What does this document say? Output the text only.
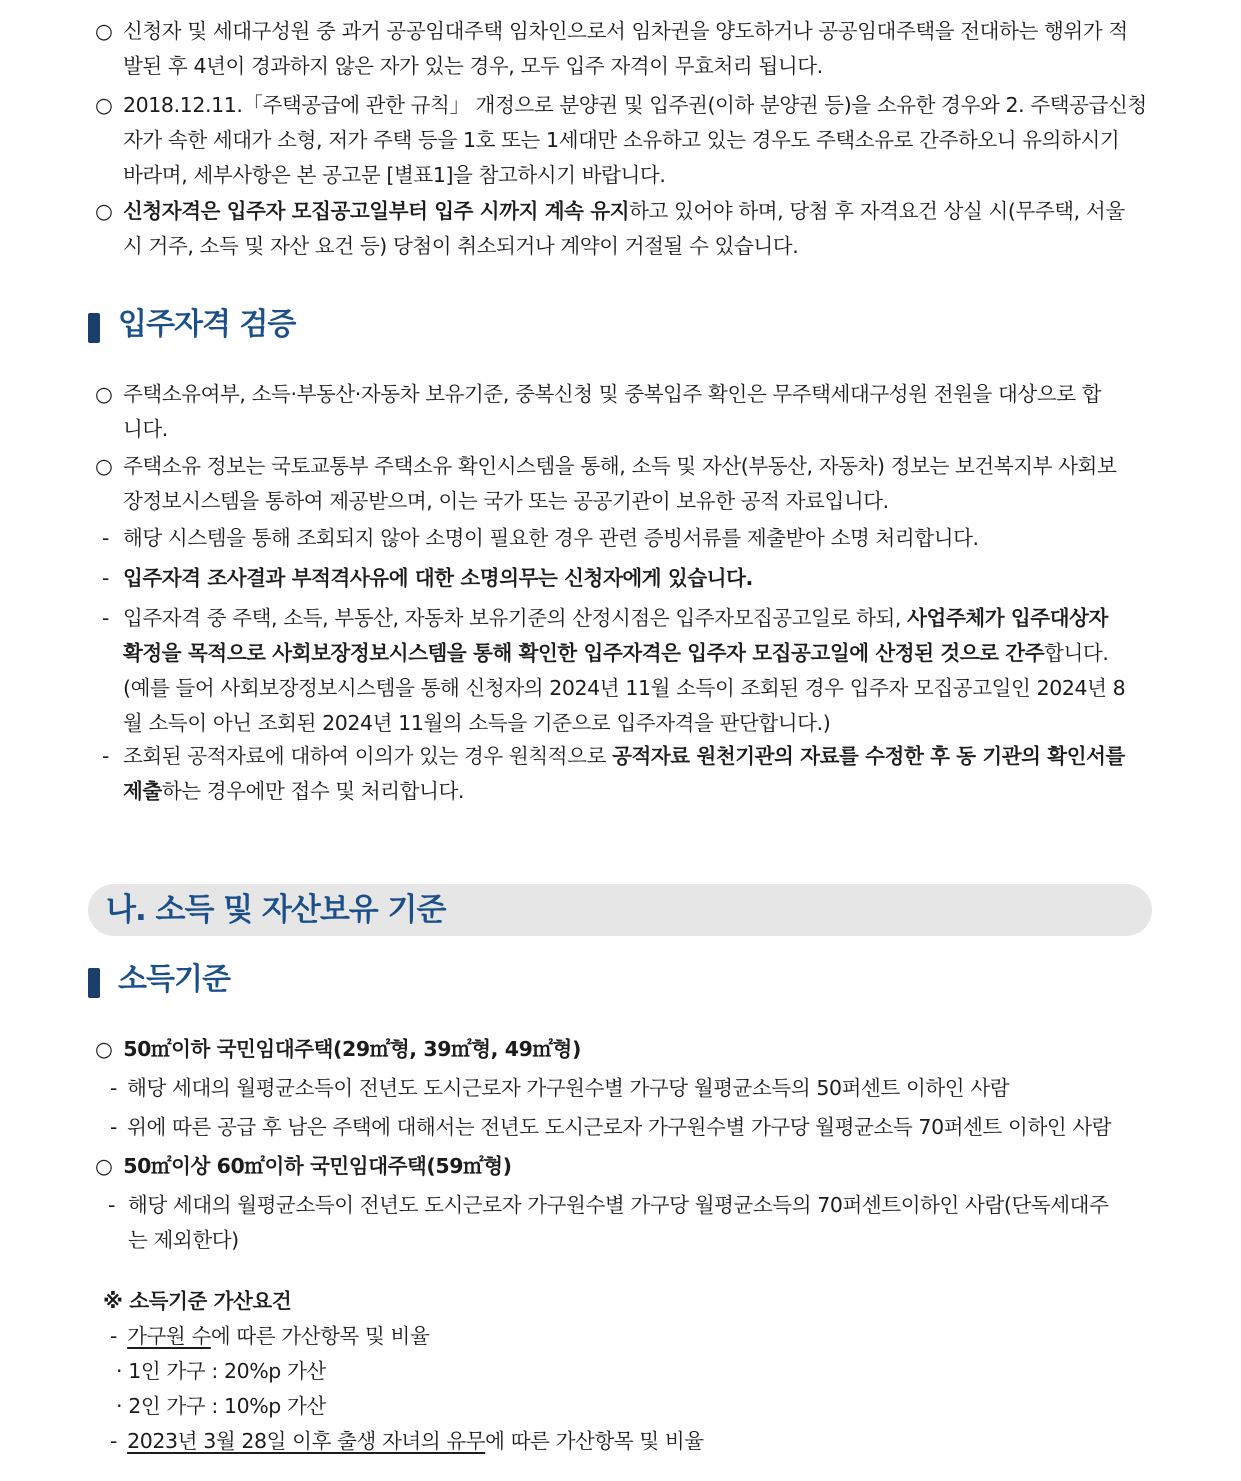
○ 신청자 및 세대구성원 중 과거 공공임대주택 임차인으로서 임차권을 양도하거나 공공임대주택을 전대하는 행위가 적
발된 후 4년이 경과하지 않은 자가 있는 경우, 모두 입주 자격이 무효처리 됩니다.
○ 2018.12.11.「주택공급에 관한 규칙」 개정으로 분양권 및 입주권(이하 분양권 등)을 소유한 경우와 2. 주택공급신청
자가 속한 세대가 소형, 저가 주택 등을 1호 또는 1세대만 소유하고 있는 경우도 주택소유로 간주하오니 유의하시기
바라며, 세부사항은 본 공고문 [별표1]을 참고하시기 바랍니다.
○ 신청자격은 입주자 모집공고일부터 입주 시까지 계속 유지하고 있어야 하며, 당첨 후 자격요건 상실 시(무주택, 서울
시 거주, 소득 및 자산 요건 등) 당첨이 취소되거나 계약이 거절될 수 있습니다.
입주자격 검증
○ 주택소유여부, 소득·부동산·자동차 보유기준, 중복신청 및 중복입주 확인은 무주택세대구성원 전원을 대상으로 합
니다.
○ 주택소유 정보는 국토교통부 주택소유 확인시스템을 통해, 소득 및 자산(부동산, 자동차) 정보는 보건복지부 사회보
장정보시스템을 통하여 제공받으며, 이는 국가 또는 공공기관이 보유한 공적 자료입니다.
- 해당 시스템을 통해 조회되지 않아 소명이 필요한 경우 관련 증빙서류를 제출받아 소명 처리합니다.
- 입주자격 조사결과 부적격사유에 대한 소명의무는 신청자에게 있습니다.
- 입주자격 중 주택, 소득, 부동산, 자동차 보유기준의 산정시점은 입주자모집공고일로 하되, 사업주체가 입주대상자
확정을 목적으로 사회보장정보시스템을 통해 확인한 입주자격은 입주자 모집공고일에 산정된 것으로 간주합니다.
(예를 들어 사회보장정보시스템을 통해 신청자의 2024년 11월 소득이 조회된 경우 입주자 모집공고일인 2024년 8
월 소득이 아닌 조회된 2024년 11월의 소득을 기준으로 입주자격을 판단합니다.)
- 조회된 공적자료에 대하여 이의가 있는 경우 원칙적으로 공적자료 원천기관의 자료를 수정한 후 동 기관의 확인서를
제출하는 경우에만 접수 및 처리합니다.
나. 소득 및 자산보유 기준
소득기준
○ 50㎡이하 국민임대주택(29㎡형, 39㎡형, 49㎡형)
- 해당 세대의 월평균소득이 전년도 도시근로자 가구원수별 가구당 월평균소득의 50퍼센트 이하인 사람
- 위에 따른 공급 후 남은 주택에 대해서는 전년도 도시근로자 가구원수별 가구당 월평균소득 70퍼센트 이하인 사람
○ 50㎡이상 60㎡이하 국민임대주택(59㎡형)
- 해당 세대의 월평균소득이 전년도 도시근로자 가구원수별 가구당 월평균소득의 70퍼센트이하인 사람(단독세대주
는 제외한다)
※ 소득기준 가산요건
- 가구원 수에 따른 가산항목 및 비율
· 1인 가구 : 20%p 가산
· 2인 가구 : 10%p 가산
- 2023년 3월 28일 이후 출생 자녀의 유무에 따른 가산항목 및 비율
